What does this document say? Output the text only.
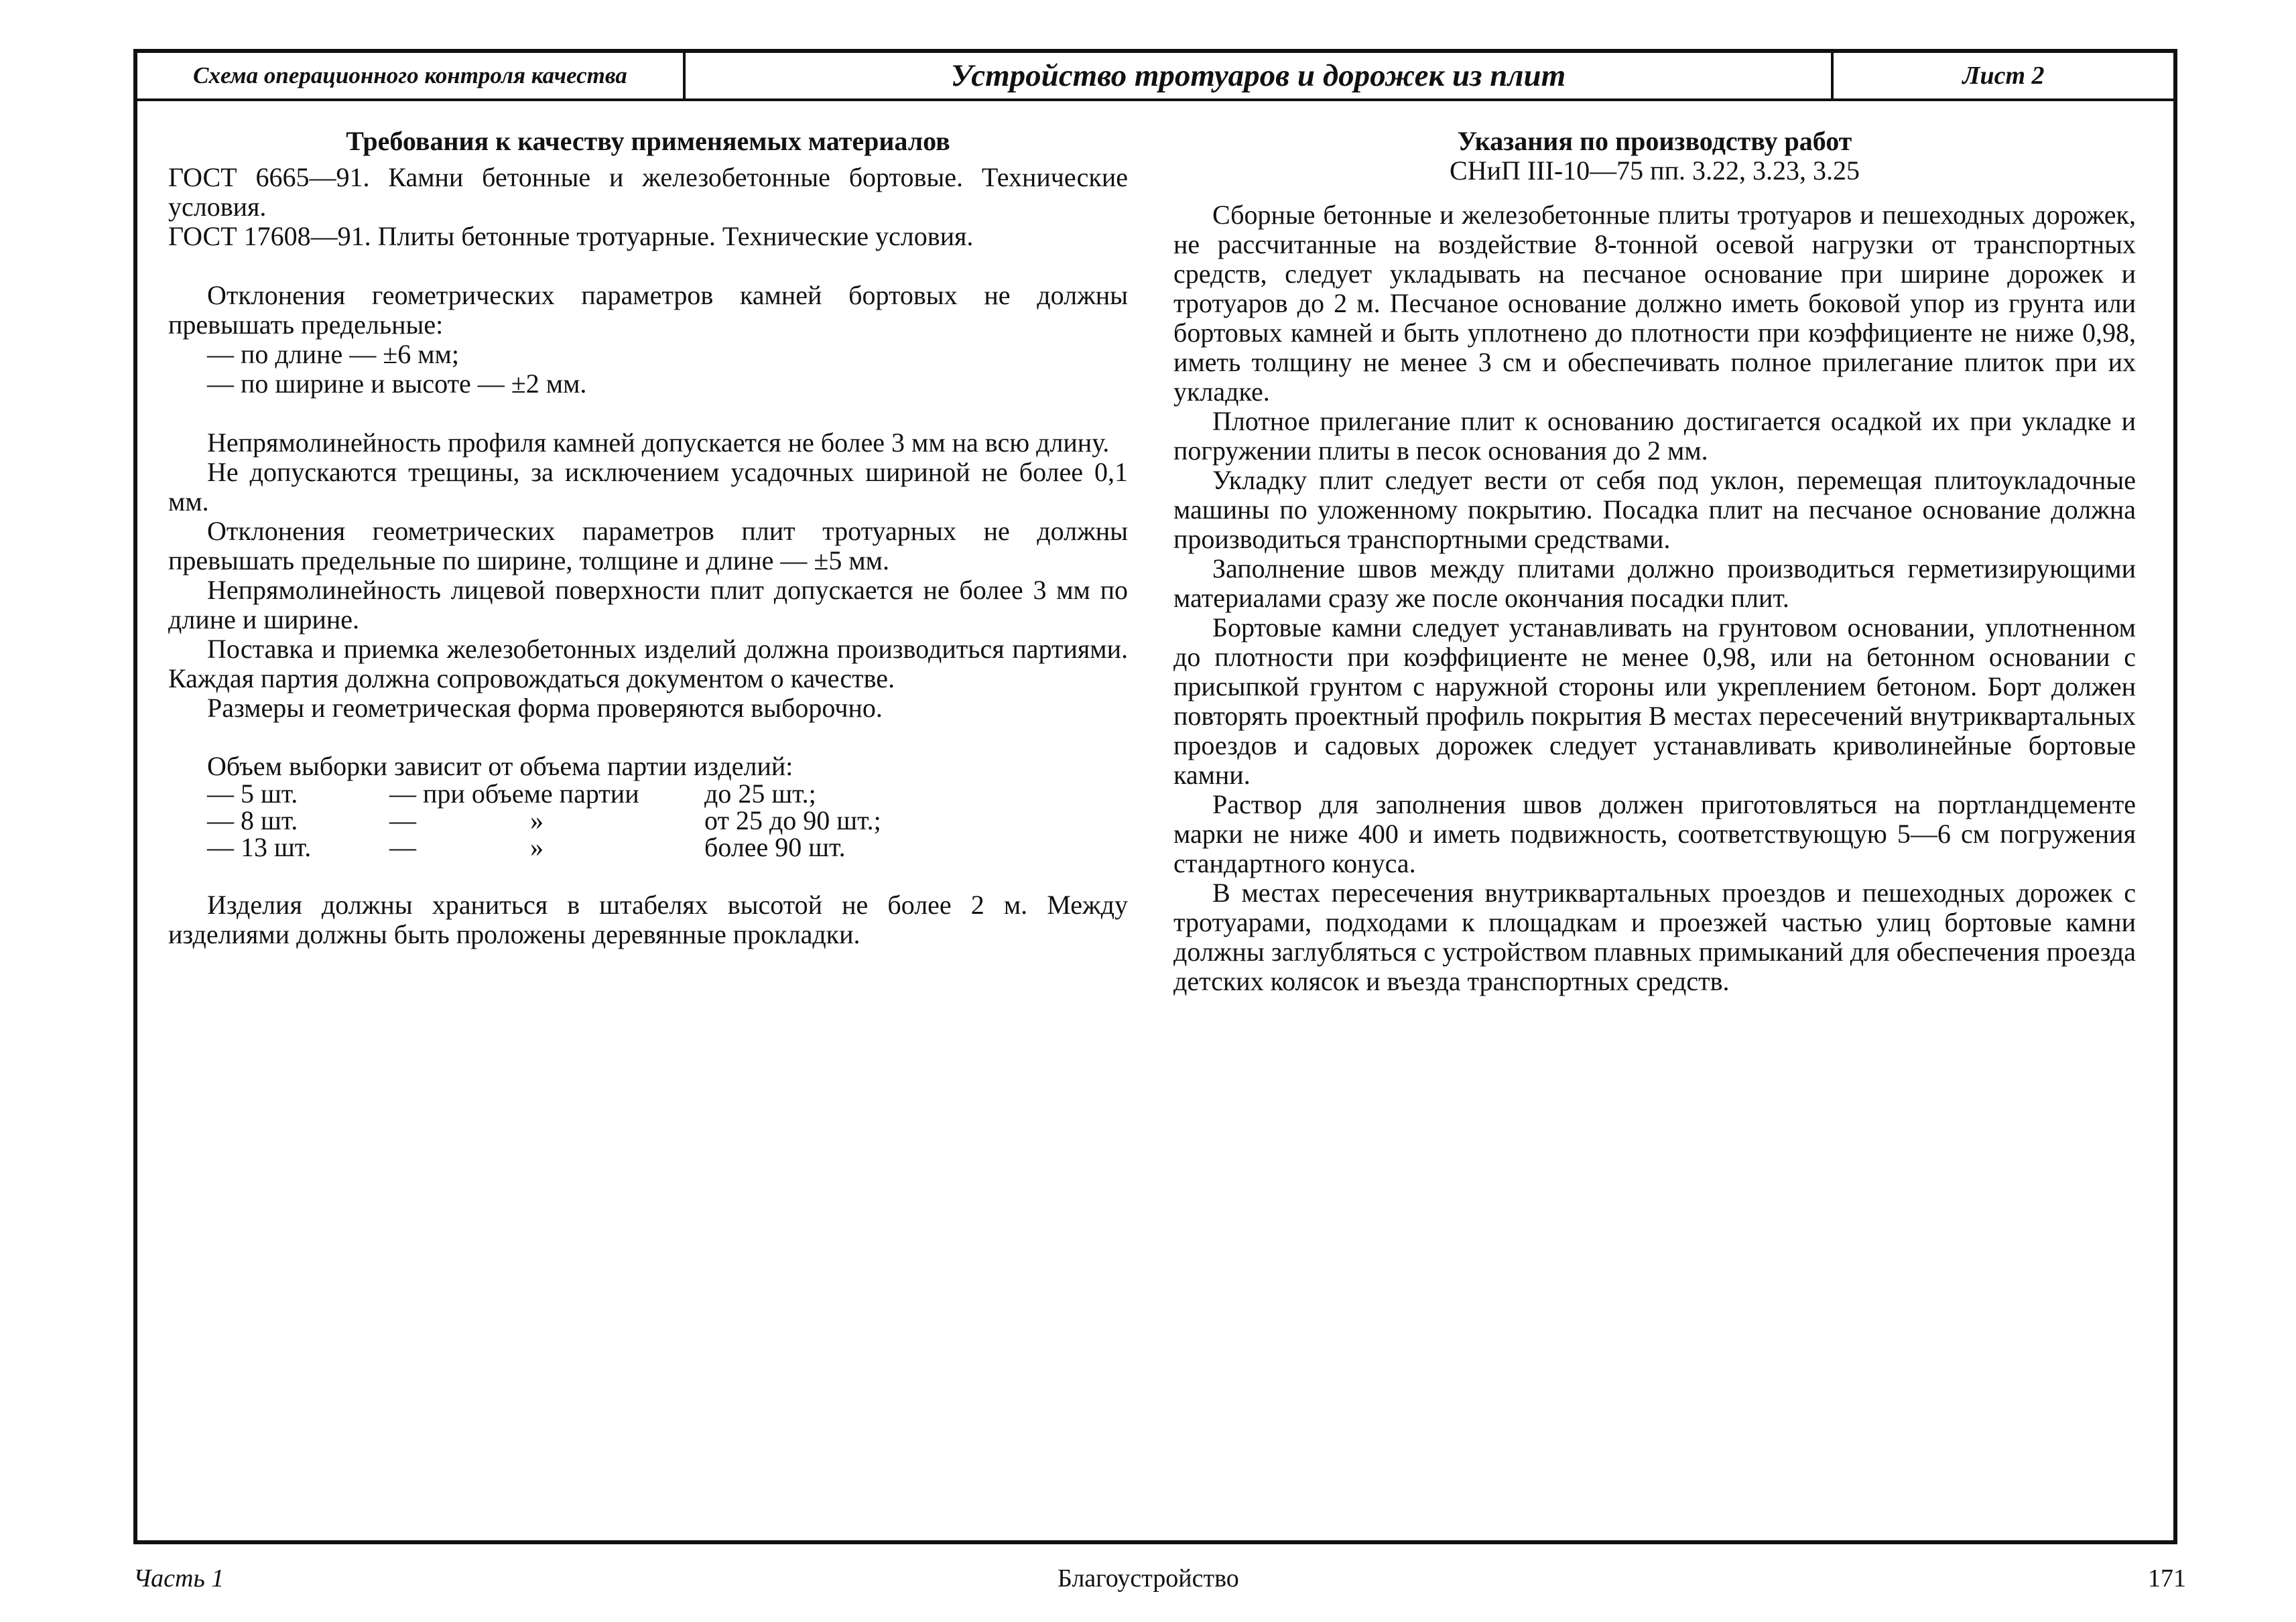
Схема операционного контроля качества	Устройство тротуаров и дорожек из плит	Лист 2
Требования к качеству применяемых материалов

ГОСТ 6665—91. Камни бетонные и железобетонные бортовые. Технические условия.

ГОСТ 17608—91. Плиты бетонные тротуарные. Технические условия.

Отклонения геометрических параметров камней бортовых не должны превышать предельные:

— по длине — ±6 мм;
— по ширине и высоте — ±2 мм.

Непрямолинейность профиля камней допускается не более 3 мм на всю длину.

Не допускаются трещины, за исключением усадочных шириной не более 0,1 мм.

Отклонения геометрических параметров плит тротуарных не должны превышать предельные по ширине, толщине и длине — ±5 мм.

Непрямолинейность лицевой поверхности плит допускается не более 3 мм по длине и ширине.

Поставка и приемка железобетонных изделий должна производиться партиями. Каждая партия должна сопровождаться документом о качестве.

Размеры и геометрическая форма проверяются выборочно.

Объем выборки зависит от объема партии изделий:
— 5 шт.	— при объеме партии	до 25 шт.;
— 8 шт.	—                 »	от 25 до 90 шт.;
— 13 шт.	—                 »	более 90 шт.

Изделия должны храниться в штабелях высотой не более 2 м. Между изделиями должны быть проложены деревянные прокладки.

Указания по производству работ
СНиП III-10—75 пп. 3.22, 3.23, 3.25

Сборные бетонные и железобетонные плиты тротуаров и пешеходных дорожек, не рассчитанные на воздействие 8-тонной осевой нагрузки от транспортных средств, следует укладывать на песчаное основание при ширине дорожек и тротуаров до 2 м. Песчаное основание должно иметь боковой упор из грунта или бортовых камней и быть уплотнено до плотности при коэффициенте не ниже 0,98, иметь толщину не менее 3 см и обеспечивать полное прилегание плиток при их укладке.

Плотное прилегание плит к основанию достигается осадкой их при укладке и погружении плиты в песок основания до 2 мм.

Укладку плит следует вести от себя под уклон, перемещая плитоукладочные машины по уложенному покрытию. Посадка плит на песчаное основание должна производиться транспортными средствами.

Заполнение швов между плитами должно производиться герметизирующими материалами сразу же после окончания посадки плит.

Бортовые камни следует устанавливать на грунтовом основании, уплотненном до плотности при коэффициенте не менее 0,98, или на бетонном основании с присыпкой грунтом с наружной стороны или укреплением бетоном. Борт должен повторять проектный профиль покрытия В местах пересечений внутриквартальных проездов и садовых дорожек следует устанавливать криволинейные бортовые камни.

Раствор для заполнения швов должен приготовляться на портландцементе марки не ниже 400 и иметь подвижность, соответствующую 5—6 см погружения стандартного конуса.

В местах пересечения внутриквартальных проездов и пешеходных дорожек с тротуарами, подходами к площадкам и проезжей частью улиц бортовые камни должны заглубляться с устройством плавных примыканий для обеспечения проезда детских колясок и въезда транспортных средств.

Часть 1	Благоустройство	171
